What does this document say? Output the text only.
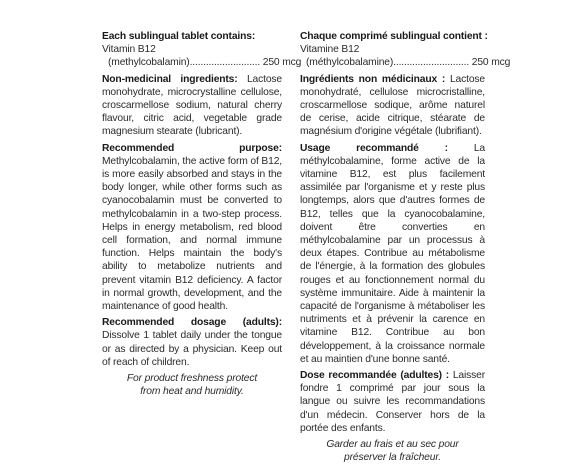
Each sublingual tablet contains:
Vitamin B12
(methylcobalamin).......................... 250 mcg
Non-medicinal ingredients: Lactose monohydrate, microcrystalline cellulose, croscarmellose sodium, natural cherry flavour, citric acid, vegetable grade magnesium stearate (lubricant).
Recommended purpose: Methylcobalamin, the active form of B12, is more easily absorbed and stays in the body longer, while other forms such as cyanocobalamin must be converted to methylcobalamin in a two-step process. Helps in energy metabolism, red blood cell formation, and normal immune function. Helps maintain the body's ability to metabolize nutrients and prevent vitamin B12 deficiency. A factor in normal growth, development, and the maintenance of good health.
Recommended dosage (adults): Dissolve 1 tablet daily under the tongue or as directed by a physician. Keep out of reach of children.
For product freshness protect
from heat and humidity.
Chaque comprimé sublingual contient :
Vitamine B12
(méthylcobalamine)............................ 250 mcg
Ingrédients non médicinaux : Lactose monohydraté, cellulose microcristalline, croscarmellose sodique, arôme naturel de cerise, acide citrique, stéarate de magnésium d'origine végétale (lubrifiant).
Usage recommandé :	La méthylcobalamine, forme active de la vitamine B12, est plus facilement assimilée par l'organisme et y reste plus longtemps, alors que d'autres formes de B12, telles que la cyanocobalamine, doivent être converties en méthylcobalamine par un processus à deux étapes. Contribue au métabolisme de l'énergie, à la formation des globules rouges et au fonctionnement normal du système immunitaire. Aide à maintenir la capacité de l'organisme à métaboliser les nutriments et à prévenir la carence en vitamine B12. Contribue au bon développement, à la croissance normale et au maintien d'une bonne santé.
Dose recommandée (adultes) : Laisser fondre 1 comprimé par jour sous la langue ou suivre les recommandations d'un médecin. Conserver hors de la portée des enfants.
Garder au frais et au sec pour
préserver la fraîcheur.
